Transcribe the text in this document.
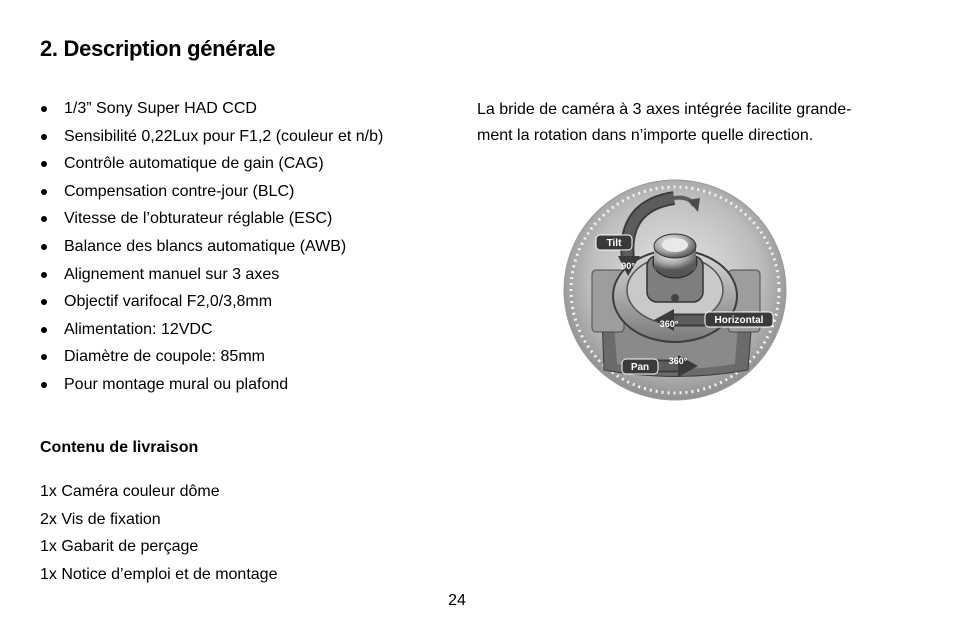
2. Description générale
1/3” Sony Super HAD CCD
Sensibilité 0,22Lux pour F1,2 (couleur et n/b)
Contrôle automatique de gain (CAG)
Compensation contre-jour (BLC)
Vitesse de l’obturateur réglable (ESC)
Balance des blancs automatique (AWB)
Alignement manuel sur 3 axes
Objectif varifocal F2,0/3,8mm
Alimentation: 12VDC
Diamètre de coupole: 85mm
Pour montage mural ou plafond

La bride de caméra à 3 axes intégrée facilite grande-
ment la rotation dans n’importe quelle direction.

Tilt
90°
Horizontal
360°
Pan
360°
Contenu de livraison
1x Caméra couleur dôme
2x Vis de fixation
1x Gabarit de perçage
1x Notice d’emploi et de montage
24
